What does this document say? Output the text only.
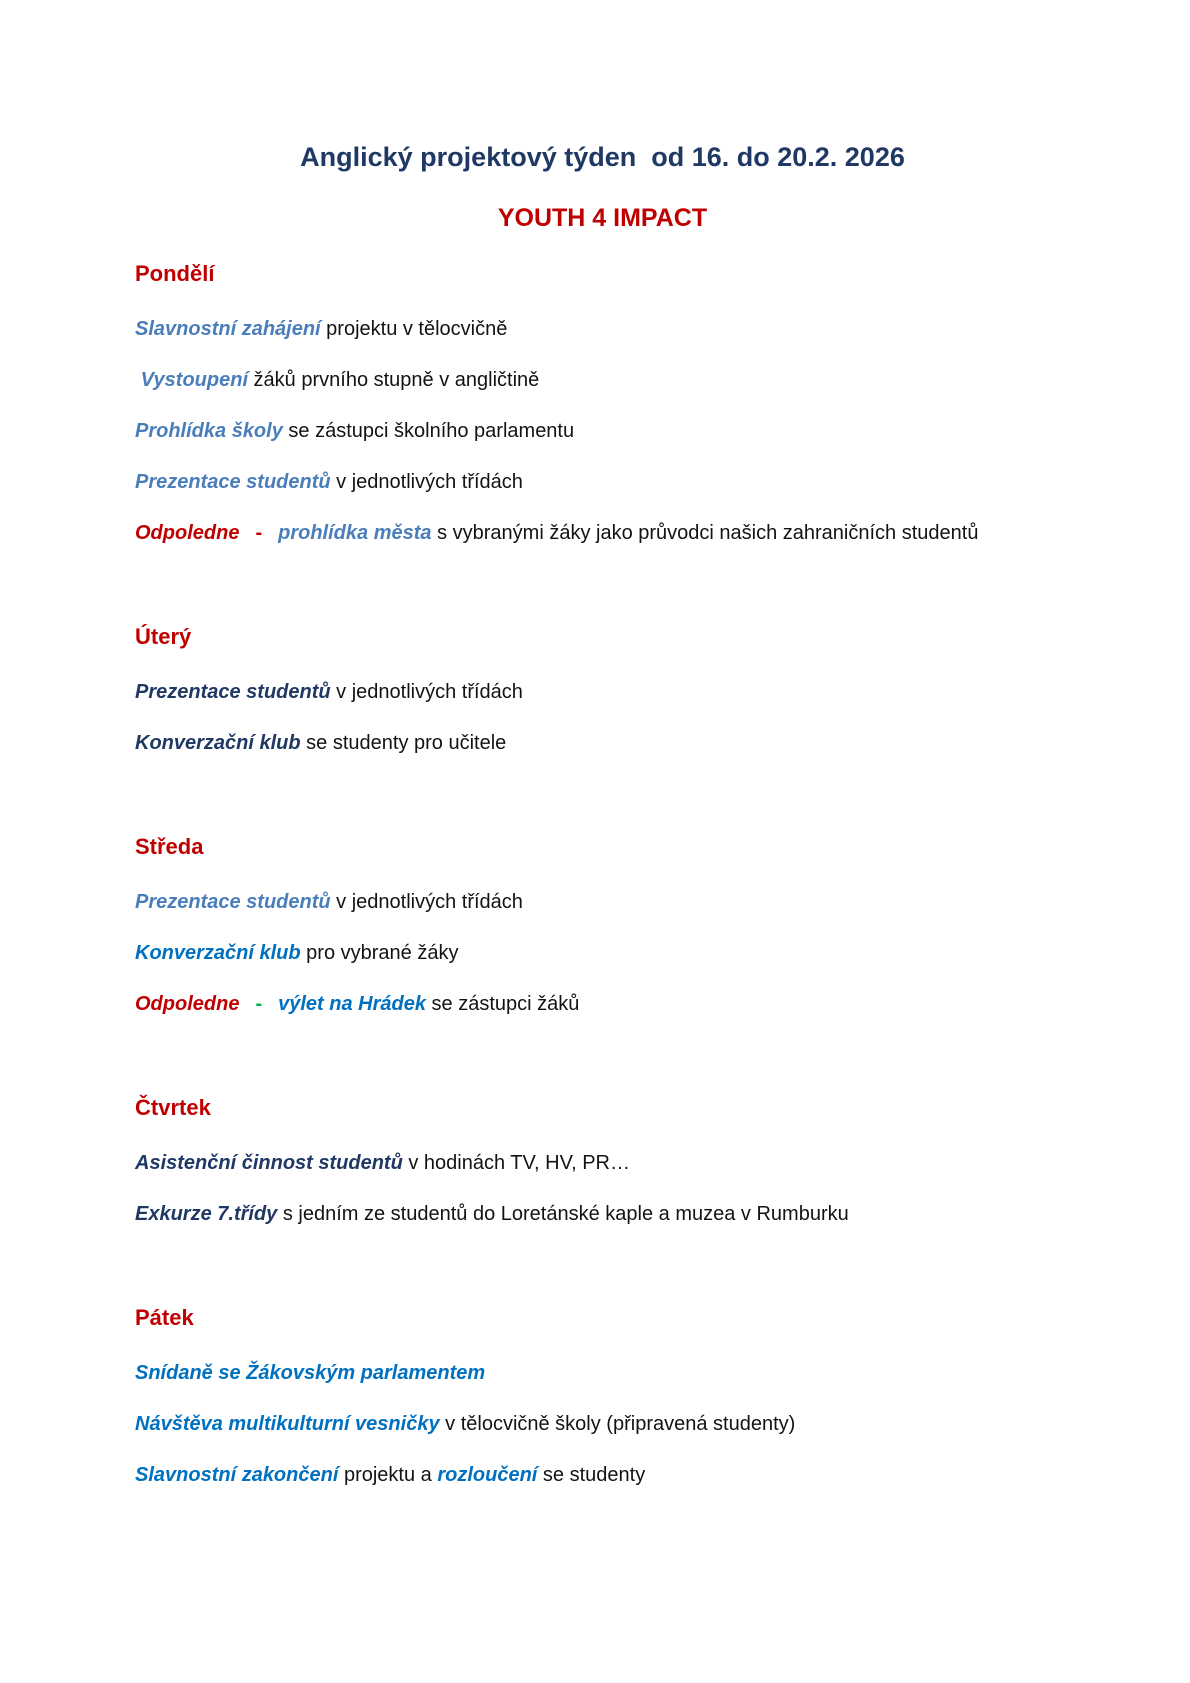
Anglický projektový týden  od 16. do 20.2. 2026

YOUTH 4 IMPACT

Pondělí

Slavnostní zahájení projektu v tělocvičně

Vystoupení žáků prvního stupně v angličtině

Prohlídka školy se zástupci školního parlamentu

Prezentace studentů v jednotlivých třídách

Odpoledne - prohlídka města s vybranými žáky jako průvodci našich zahraničních studentů

Úterý

Prezentace studentů v jednotlivých třídách

Konverzační klub se studenty pro učitele

Středa

Prezentace studentů v jednotlivých třídách

Konverzační klub pro vybrané žáky

Odpoledne - výlet na Hrádek se zástupci žáků

Čtvrtek

Asistenční činnost studentů v hodinách TV, HV, PR…

Exkurze 7.třídy s jedním ze studentů do Loretánské kaple a muzea v Rumburku

Pátek

Snídaně se Žákovským parlamentem

Návštěva multikulturní vesničky v tělocvičně školy (připravená studenty)

Slavnostní zakončení projektu a rozloučení se studenty
